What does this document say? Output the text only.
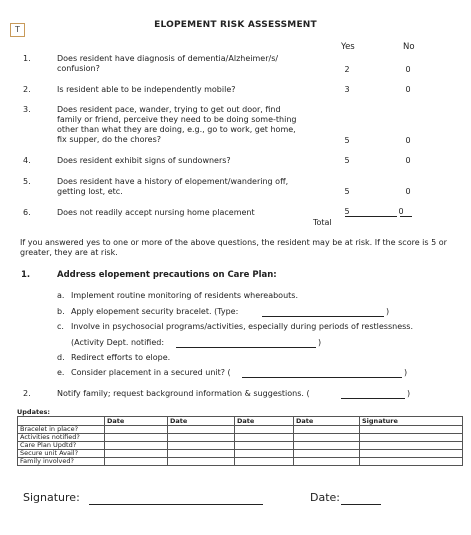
T	ELOPEMENT RISK ASSESSMENT
Yes	No
1.	Does resident have diagnosis of dementia/Alzheimer/s/ confusion?	2	0
2.	Is resident able to be independently mobile?	3	0
3.	Does resident pace, wander, trying to get out door, find family or friend, perceive they need to be doing some-thing other than what they are doing, e.g., go to work, get home, fix supper, do the chores?	5	0
4.	Does resident exhibit signs of sundowners?	5	0
5.	Does resident have a history of elopement/wandering off, getting lost, etc.	5	0
6.	Does not readily accept nursing home placement	5	0
Total
If you answered yes to one or more of the above questions, the resident may be at risk. If the score is 5 or greater, they are at risk.
1.	Address elopement precautions on Care Plan:
a. Implement routine monitoring of residents whereabouts.
b. Apply elopement security bracelet. (Type:	)
c. Involve in psychosocial programs/activities, especially during periods of restlessness.
(Activity Dept. notified:	)
d. Redirect efforts to elope.
e. Consider placement in a secured unit? (	)
2.	Notify family; request background information & suggestions. (	)
Updates:
	Date	Date	Date	Date	Signature
Bracelet in place?					
Activities notified?					
Care Plan Updtd?					
Secure unit Avail?					
Family involved?					
Signature:	Date:
